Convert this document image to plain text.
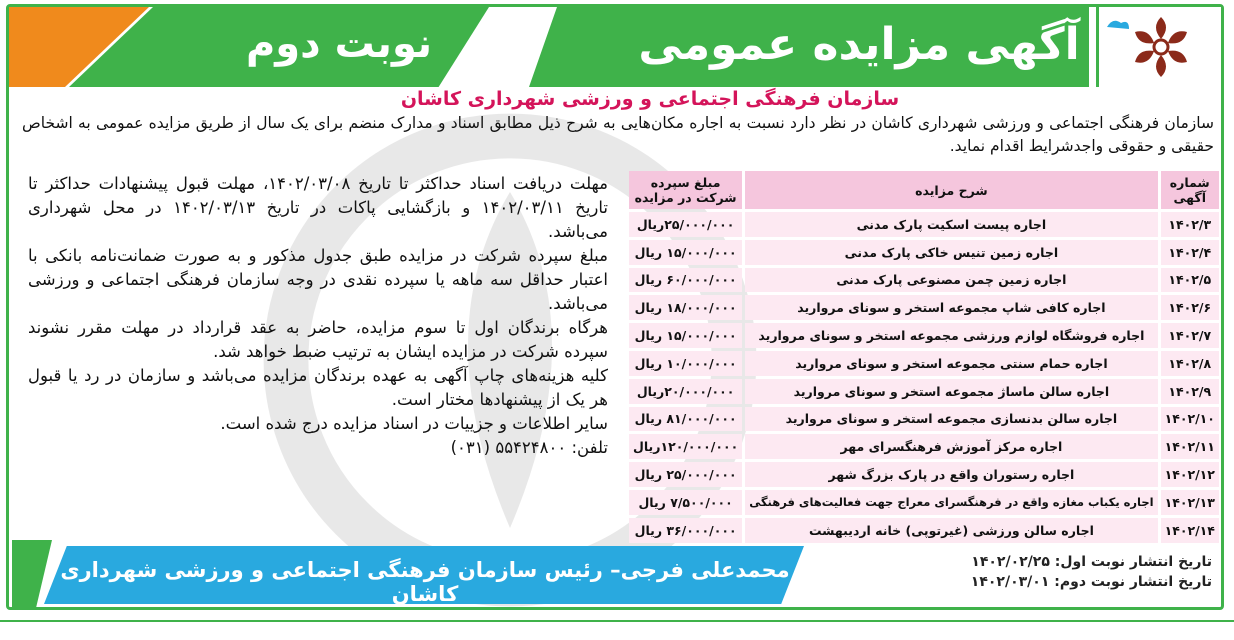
نوبت دوم	آگهی مزایده عمومی
سازمان فرهنگی اجتماعی و ورزشی شهرداری کاشان
سازمان فرهنگی اجتماعی و ورزشی شهرداری کاشان در نظر دارد نسبت به اجاره مکان‌هایی به شرح ذیل مطابق اسناد و مدارک منضم برای یک سال از طریق مزایده عمومی به اشخاص حقیقی و حقوقی واجدشرایط اقدام نماید.
شماره آگهی	شرح مزایده	مبلغ سپرده شرکت در مزایده
۱۴۰۲/۳	اجاره پیست اسکیت پارک مدنی	۲۵/۰۰۰/۰۰۰ریال
۱۴۰۲/۴	اجاره زمین تنیس خاکی پارک مدنی	۱۵/۰۰۰/۰۰۰ ریال
۱۴۰۲/۵	اجاره زمین چمن مصنوعی پارک مدنی	۶۰/۰۰۰/۰۰۰ ریال
۱۴۰۲/۶	اجاره کافی شاپ مجموعه استخر و سونای مروارید	۱۸/۰۰۰/۰۰۰ ریال
۱۴۰۲/۷	اجاره فروشگاه لوازم ورزشی مجموعه استخر و سونای مروارید	۱۵/۰۰۰/۰۰۰ ریال
۱۴۰۲/۸	اجاره حمام سنتی مجموعه استخر و سونای مروارید	۱۰/۰۰۰/۰۰۰ ریال
۱۴۰۲/۹	اجاره سالن ماساژ مجموعه استخر و سونای مروارید	۲۰/۰۰۰/۰۰۰ریال
۱۴۰۲/۱۰	اجاره سالن بدنسازی مجموعه استخر و سونای مروارید	۸۱/۰۰۰/۰۰۰ ریال
۱۴۰۲/۱۱	اجاره مرکز آموزش فرهنگسرای مهر	۱۲۰/۰۰۰/۰۰۰ریال
۱۴۰۲/۱۲	اجاره رستوران واقع در پارک بزرگ شهر	۲۵/۰۰۰/۰۰۰ ریال
۱۴۰۲/۱۳	اجاره یکباب مغازه واقع در فرهنگسرای معراج جهت فعالیت‌های فرهنگی	۷/۵۰۰/۰۰۰ ریال
۱۴۰۲/۱۴	اجاره سالن ورزشی (غیرتوپی) خانه اردیبهشت	۳۶/۰۰۰/۰۰۰ ریال

مهلت دریافت اسناد حداکثر تا تاریخ ۱۴۰۲/۰۳/۰۸، مهلت قبول پیشنهادات حداکثر تا تاریخ ۱۴۰۲/۰۳/۱۱ و بازگشایی پاکات در تاریخ ۱۴۰۲/۰۳/۱۳ در محل شهرداری می‌باشد.

مبلغ سپرده شرکت در مزایده طبق جدول مذکور و به صورت ضمانت‌نامه بانکی با اعتبار حداقل سه ماهه یا سپرده نقدی در وجه سازمان فرهنگی اجتماعی و ورزشی می‌باشد.

هرگاه برندگان اول تا سوم مزایده، حاضر به عقد قرارداد در مهلت مقرر نشوند سپرده شرکت در مزایده ایشان به ترتیب ضبط خواهد شد.

کلیه هزینه‌های چاپ آگهی به عهده برندگان مزایده می‌باشد و سازمان در رد یا قبول هر یک از پیشنهادها مختار است.

سایر اطلاعات و جزییات در اسناد مزایده درج شده است.

تلفن: ۵۵۴۲۴۸۰۰ (۰۳۱)

محمدعلی فرجی– رئیس سازمان فرهنگی اجتماعی و ورزشی شهرداری کاشان
تاریخ انتشار نوبت اول: ۱۴۰۲/۰۲/۲۵
تاریخ انتشار نوبت دوم: ۱۴۰۲/۰۳/۰۱
